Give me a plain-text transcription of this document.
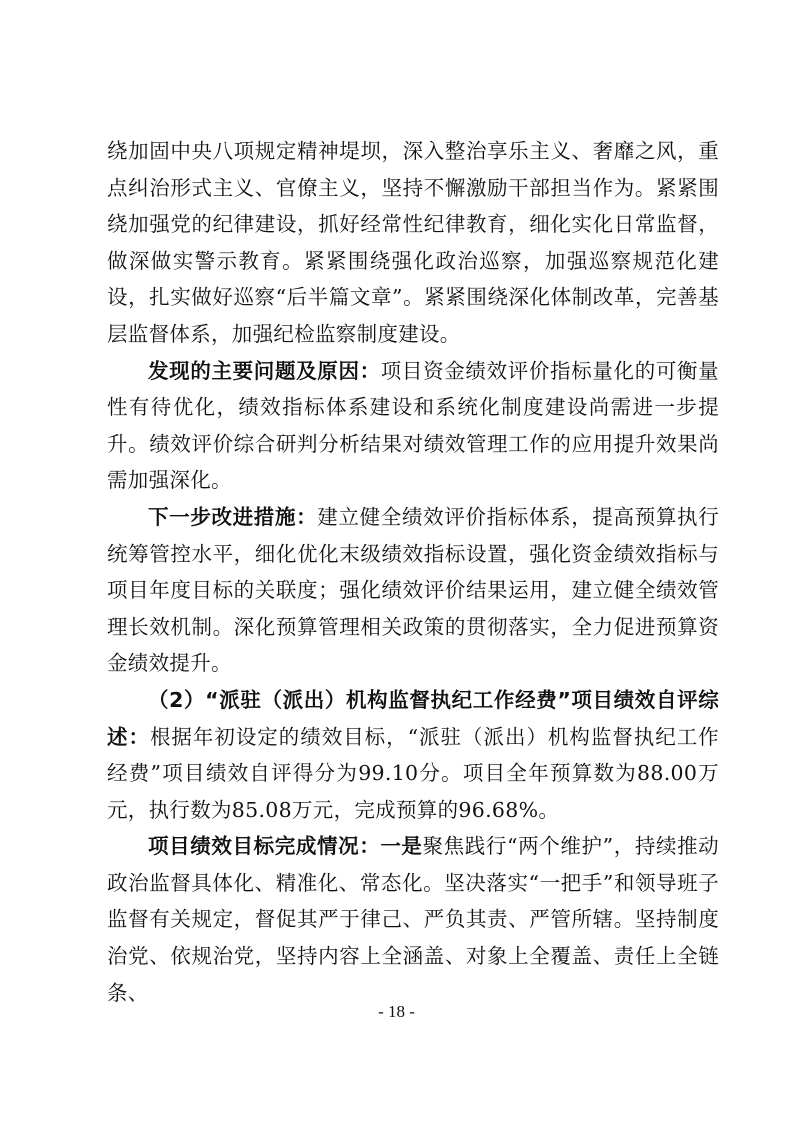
绕加固中央八项规定精神堤坝，深入整治享乐主义、奢靡之风，重点纠治形式主义、官僚主义，坚持不懈激励干部担当作为。紧紧围绕加强党的纪律建设，抓好经常性纪律教育，细化实化日常监督，做深做实警示教育。紧紧围绕强化政治巡察，加强巡察规范化建设，扎实做好巡察“后半篇文章”。紧紧围绕深化体制改革，完善基层监督体系，加强纪检监察制度建设。

发现的主要问题及原因：项目资金绩效评价指标量化的可衡量性有待优化，绩效指标体系建设和系统化制度建设尚需进一步提升。绩效评价综合研判分析结果对绩效管理工作的应用提升效果尚需加强深化。

下一步改进措施：建立健全绩效评价指标体系，提高预算执行统筹管控水平，细化优化末级绩效指标设置，强化资金绩效指标与项目年度目标的关联度；强化绩效评价结果运用，建立健全绩效管理长效机制。深化预算管理相关政策的贯彻落实，全力促进预算资金绩效提升。

（2）“派驻（派出）机构监督执纪工作经费”项目绩效自评综述：根据年初设定的绩效目标，“派驻（派出）机构监督执纪工作经费”项目绩效自评得分为99.10分。项目全年预算数为88.00万元，执行数为85.08万元，完成预算的96.68%。

项目绩效目标完成情况：一是聚焦践行“两个维护”，持续推动政治监督具体化、精准化、常态化。坚决落实“一把手”和领导班子监督有关规定，督促其严于律己、严负其责、严管所辖。坚持制度治党、依规治党，坚持内容上全涵盖、对象上全覆盖、责任上全链条、

- 18 -
